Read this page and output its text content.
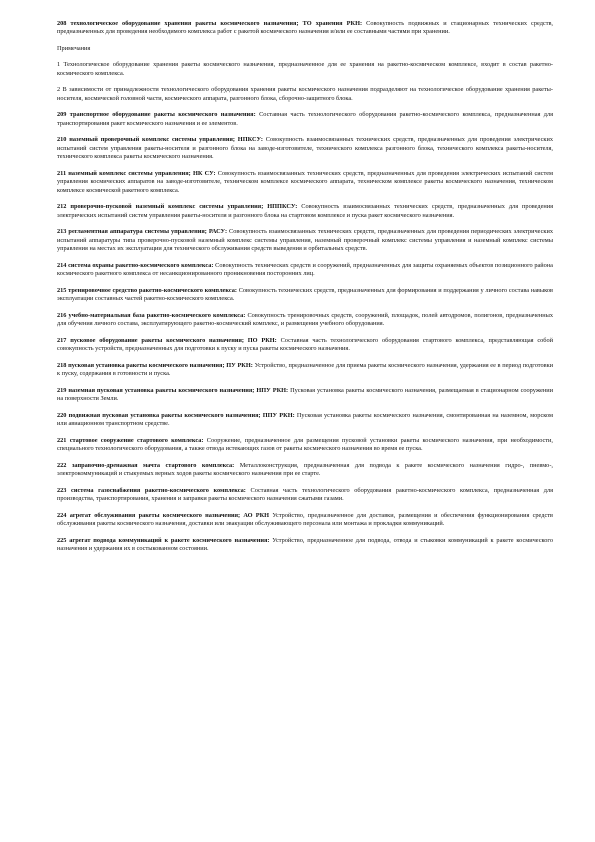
208 технологическое оборудование хранения ракеты космического назначения; ТО хранения РКН: Совокупность подвижных и стационарных технических средств, предназначенных для проведения необходимого комплекса работ с ракетой космического назначения и/или ее составными частями при хранении.

Примечания

1 Технологическое оборудование хранения ракеты космического назначения, предназначенное для ее хранения на ракетно-космическом комплексе, входит в состав ракетно-космического комплекса.

2 В зависимости от принадлежности технологического оборудования хранения ракеты космического назначения подразделяют на технологическое оборудование хранения ракеты-носителя, космической головной части, космического аппарата, разгонного блока, сборочно-защитного блока.

209 транспортное оборудование ракеты космического назначения: Составная часть технологического оборудования ракетно-космического комплекса, предназначенная для транспортирования ракет космического назначения и ее элементов.

210 наземный проверочный комплекс системы управления; НПКСУ: Совокупность взаимосвязанных технических средств, предназначенных для проведения электрических испытаний систем управления ракеты-носителя и разгонного блока на заводе-изготовителе, технического комплекса разгонного блока, технического комплекса ракеты-носителя, технического комплекса ракеты космического назначения.

211 наземный комплекс системы управления; НК СУ: Совокупность взаимосвязанных технических средств, предназначенных для проведения электрических испытаний систем управления космических аппаратов на заводе-изготовителе, техническом комплексе космического аппарата, техническом комплексе ракеты космического назначения, техническом комплексе космической ракетного комплекса.

212 проверочно-пусковой наземный комплекс системы управления; НППКСУ: Совокупность взаимосвязанных технических средств, предназначенных для проведения электрических испытаний систем управления ракеты-носителя и разгонного блока на стартовом комплексе и пуска ракет космического назначения.

213 регламентная аппаратура системы управления; РАСУ: Совокупность взаимосвязанных технических средств, предназначенных для проведения периодических электрических испытаний аппаратуры типа проверочно-пусковой наземный комплекс системы управления, наземный проверочный комплекс системы управления и наземный комплекс системы управления на местах их эксплуатации для технического обслуживания средств выведения и орбитальных средств.

214 система охраны ракетно-космического комплекса: Совокупность технических средств и сооружений, предназначенных для защиты охраняемых объектов позиционного района космического ракетного комплекса от несанкционированного проникновения посторонних лиц.

215 тренировочное средство ракетно-космического комплекса: Совокупность технических средств, предназначенных для формирования и поддержания у личного состава навыков эксплуатации составных частей ракетно-космического комплекса.

216 учебно-материальная база ракетно-космического комплекса: Совокупность тренировочных средств, сооружений, площадок, полей автодромов, полигонов, предназначенных для обучения личного состава, эксплуатирующего ракетно-космический комплекс, и размещения учебного оборудования.

217 пусковое оборудование ракеты космического назначения; ПО РКН: Составная часть технологического оборудования стартового комплекса, представляющая собой совокупность устройств, предназначенных для подготовки к пуску и пуска ракеты космического назначения.

218 пусковая установка ракеты космического назначения; ПУ РКН: Устройство, предназначенное для приема ракеты космического назначения, удержания ее в период подготовки к пуску, содержания в готовности и пуска.

219 наземная пусковая установка ракеты космического назначения; НПУ РКН: Пусковая установка ракеты космического назначения, размещаемая в стационарном сооружении на поверхности Земли.

220 подвижная пусковая установка ракеты космического назначения; ППУ РКН: Пусковая установка ракеты космического назначения, смонтированная на наземном, морском или авиационном транспортном средстве.

221 стартовое сооружение стартового комплекса: Сооружение, предназначенное для размещения пусковой установки ракеты космического назначения, при необходимости, специального технологического оборудования, а также отвода истекающих газов от ракеты космического назначения во время ее пуска.

222 заправочно-дренажная мачта стартового комплекса: Металлоконструкция, предназначенная для подвода к ракете космического назначения гидро-, пневмо-, электрокоммуникаций и стыкуемых верных ходов ракеты космического назначения при ее старте.

223 система газоснабжения ракетно-космического комплекса: Составная часть технологического оборудования ракетно-космического комплекса, предназначенная для производства, транспортирования, хранения и заправки ракеты космического назначения сжатыми газами.

224 агрегат обслуживания ракеты космического назначения; АО РКН Устройство, предназначенное для доставки, размещения и обеспечения функционирования средств обслуживания ракеты космического назначения, доставки или эвакуации обслуживающего персонала или монтажа и прокладки коммуникаций.

225 агрегат подвода коммуникаций к ракете космического назначения: Устройство, предназначенное для подвода, отвода и стыковки коммуникаций к ракете космического назначения и удержания их в состыкованном состоянии.
